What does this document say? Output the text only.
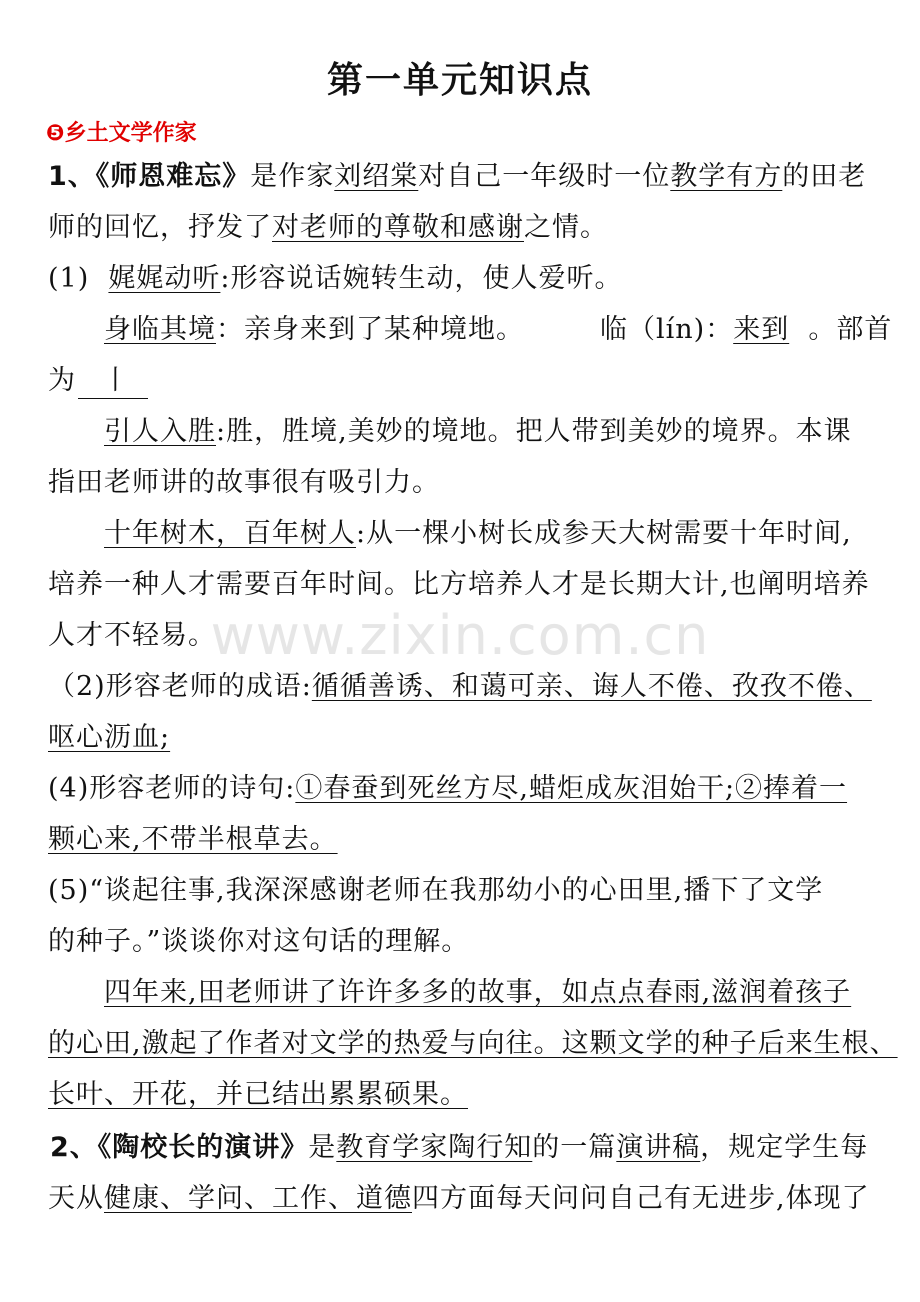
www.zixin.com.cn
第一单元知识点
❺乡土文学作家
1、《师恩难忘》是作家刘绍棠对自己一年级时一位教学有方的田老
师的回忆，抒发了对老师的尊敬和感谢之情。
(1) 娓娓动听:形容说话婉转生动，使人爱听。
身临其境：亲身来到了某种境地。	临（lín)：来到 。部首
为 丨
引人入胜:胜，胜境,美妙的境地。把人带到美妙的境界。本课
指田老师讲的故事很有吸引力。
十年树木，百年树人:从一棵小树长成参天大树需要十年时间,
培养一种人才需要百年时间。比方培养人才是长期大计,也阐明培养
人才不轻易。
（2)形容老师的成语:循循善诱、和蔼可亲、诲人不倦、孜孜不倦、
呕心沥血;
(4)形容老师的诗句:①春蚕到死丝方尽,蜡炬成灰泪始干;②捧着一
颗心来,不带半根草去。
(5)“谈起往事,我深深感谢老师在我那幼小的心田里,播下了文学
的种子。”谈谈你对这句话的理解。
四年来,田老师讲了许许多多的故事，如点点春雨,滋润着孩子
的心田,激起了作者对文学的热爱与向往。这颗文学的种子后来生根、
长叶、开花，并已结出累累硕果。
2、《陶校长的演讲》是教育学家陶行知的一篇演讲稿，规定学生每
天从健康、学问、工作、道德四方面每天问问自己有无进步,体现了
